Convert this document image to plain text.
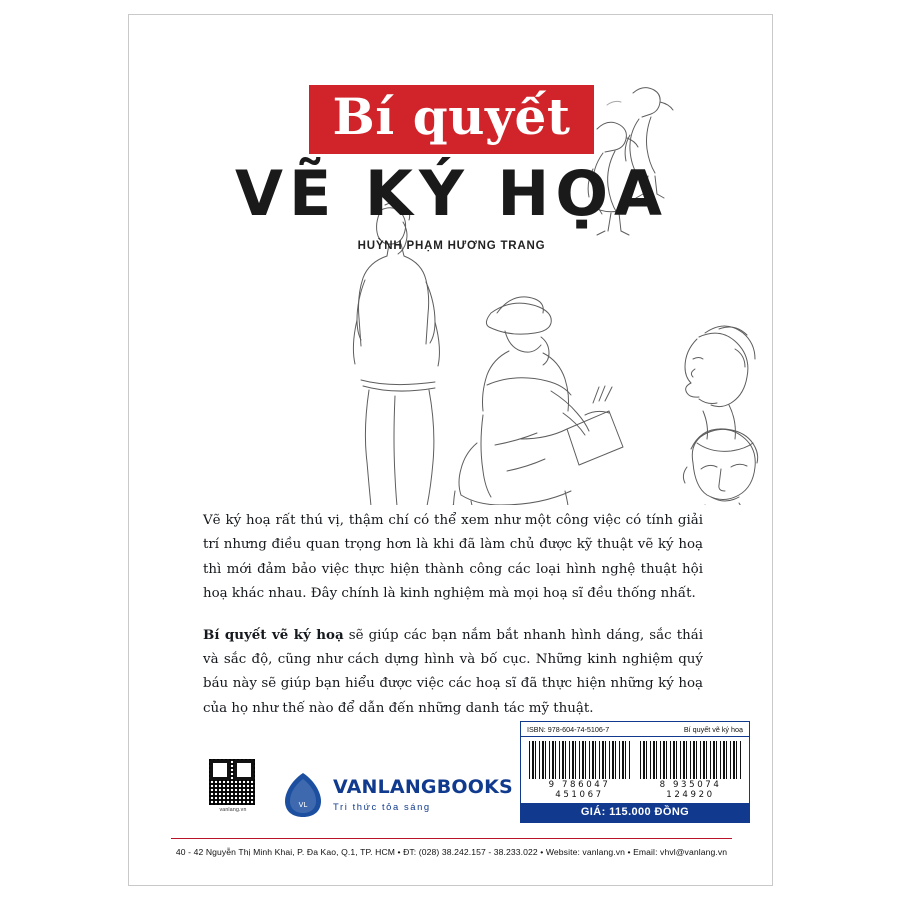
Bí quyết
VẼ KÝ HỌA
HUỲNH PHẠM HƯƠNG TRANG

Vẽ ký hoạ rất thú vị, thậm chí có thể xem như một công việc có tính giải trí nhưng điều quan trọng hơn là khi đã làm chủ được kỹ thuật vẽ ký hoạ thì mới đảm bảo việc thực hiện thành công các loại hình nghệ thuật hội hoạ khác nhau. Đây chính là kinh nghiệm mà mọi hoạ sĩ đều thống nhất.

Bí quyết vẽ ký hoạ sẽ giúp các bạn nắm bắt nhanh hình dáng, sắc thái và sắc độ, cũng như cách dựng hình và bố cục. Những kinh nghiệm quý báu này sẽ giúp bạn hiểu được việc các hoạ sĩ đã thực hiện những ký hoạ của họ như thế nào để dẫn đến những danh tác mỹ thuật.

vanlang.vn
VL
VANLANGBOOKS
Tri thức tỏa sáng
ISBN: 978-604-74-5106-7	Bí quyết vẽ ký hoạ
9 786047 451067
8 935074 124920
GIÁ: 115.000 ĐỒNG
40 - 42 Nguyễn Thị Minh Khai, P. Đa Kao, Q.1, TP. HCM • ĐT: (028) 38.242.157 - 38.233.022 • Website: vanlang.vn • Email: vhvl@vanlang.vn
